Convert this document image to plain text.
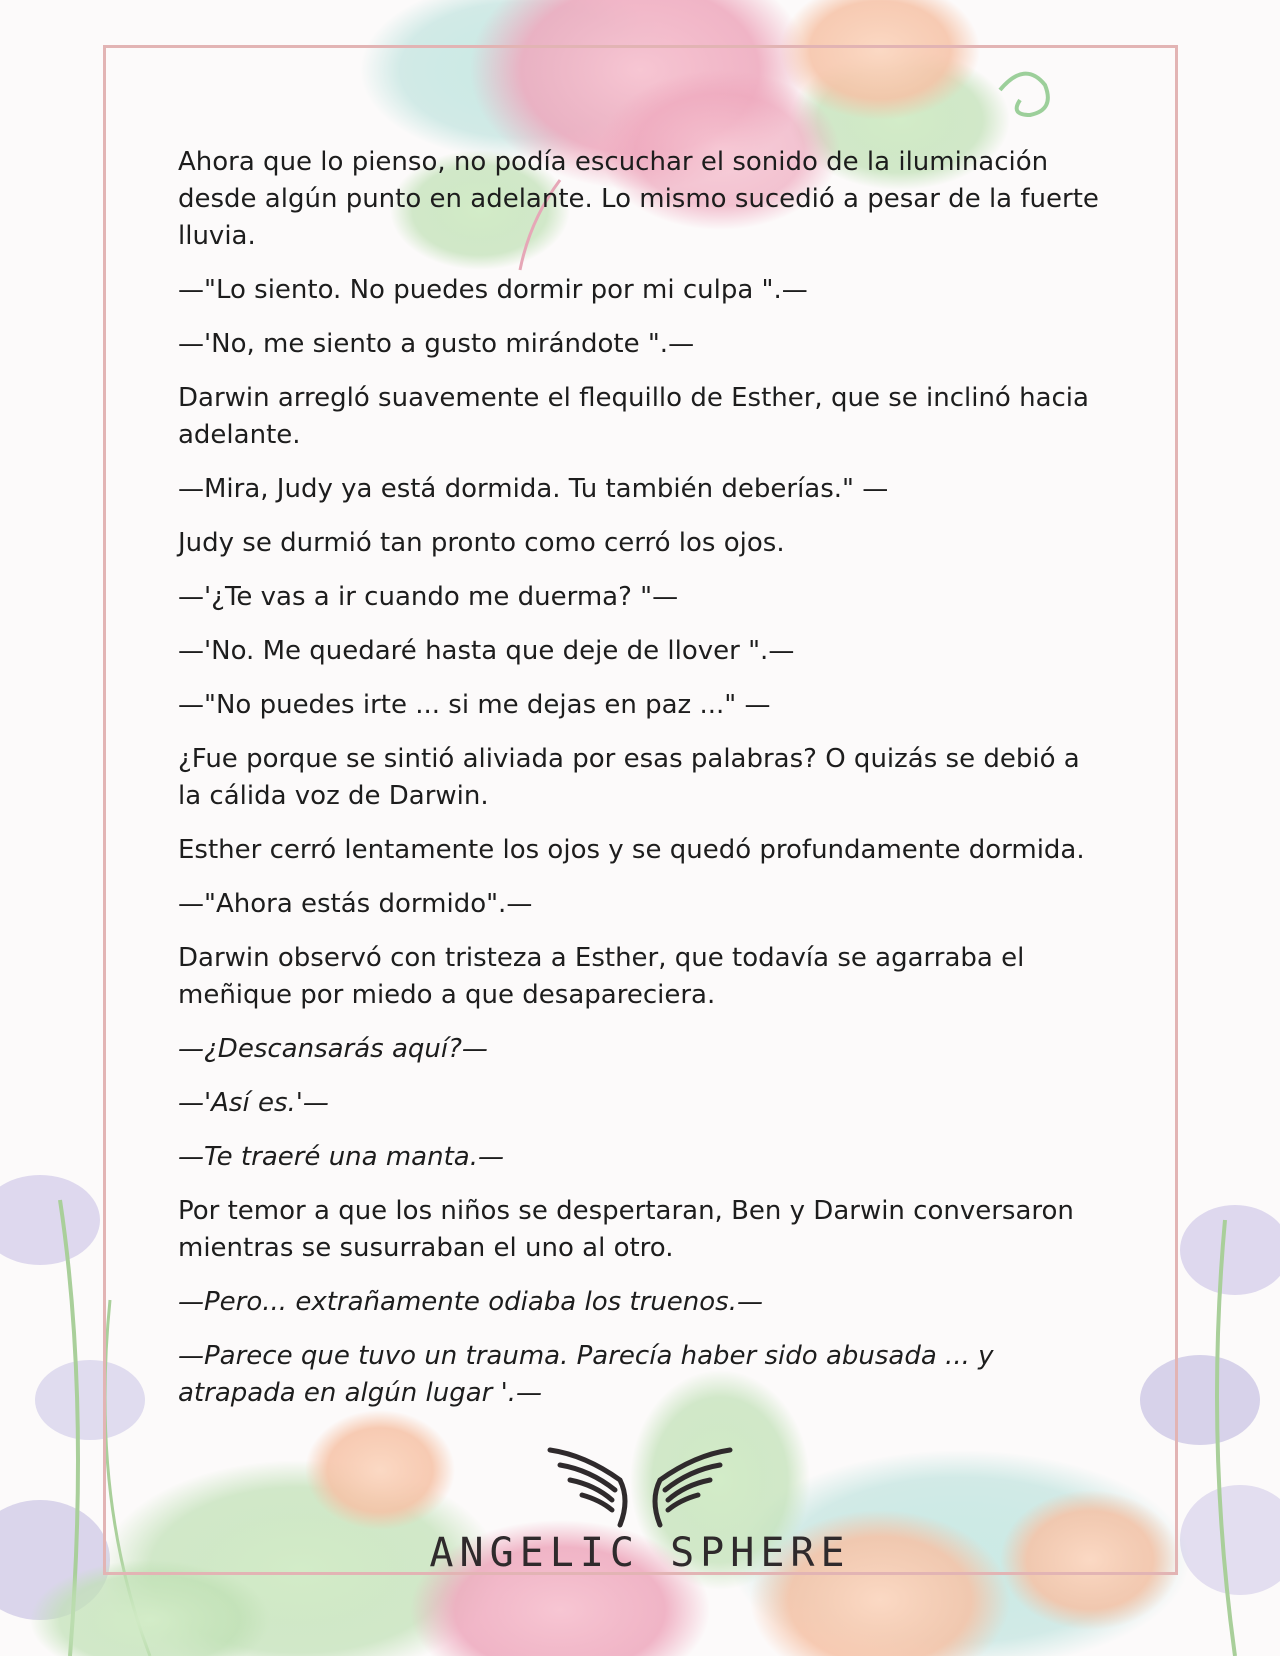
Ahora que lo pienso, no podía escuchar el sonido de la iluminación desde algún punto en adelante. Lo mismo sucedió a pesar de la fuerte lluvia.

—"Lo siento. No puedes dormir por mi culpa ".—

—'No, me siento a gusto mirándote ".—

Darwin arregló suavemente el flequillo de Esther, que se inclinó hacia adelante.

—Mira, Judy ya está dormida. Tu también deberías." —

Judy se durmió tan pronto como cerró los ojos.

—'¿Te vas a ir cuando me duerma? "—

—'No. Me quedaré hasta que deje de llover ".—

—"No puedes irte ... si me dejas en paz ..." —

¿Fue porque se sintió aliviada por esas palabras? O quizás se debió a la cálida voz de Darwin.

Esther cerró lentamente los ojos y se quedó profundamente dormida.

—"Ahora estás dormido".—

Darwin observó con tristeza a Esther, que todavía se agarraba el meñique por miedo a que desapareciera.

—¿Descansarás aquí?—

—'Así es.'—

—Te traeré una manta.—

Por temor a que los niños se despertaran, Ben y Darwin conversaron mientras se susurraban el uno al otro.

—Pero... extrañamente odiaba los truenos.—

—Parece que tuvo un trauma. Parecía haber sido abusada ... y atrapada en algún lugar '.—

ANGELIC SPHERE
